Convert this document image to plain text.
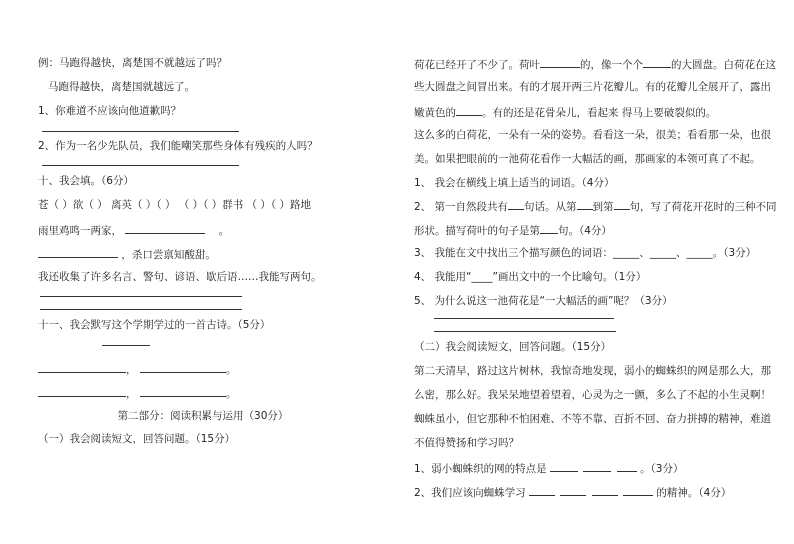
例：马跑得越快，离楚国不就越远了吗？
马跑得越快，离楚国就越远了。
1、你难道不应该向他道歉吗？
2、作为一名少先队员，我们能嘲笑那些身体有残疾的人吗？
十、我会填。（6分）
苍（ ）欲（ ） 离英（ ）（ ） （ ）（ ）群书 （ ）（ ）路地
雨里鸡鸣一两家，	。
，杀口尝禀知酸甜。
我还收集了许多名言、警句、谚语、歇后语……我能写两句。
十一、我会默写这个学期学过的一首古诗。（5分）
，	。
，	。
第二部分：阅读积累与运用（30分）
（一）我会阅读短文，回答问题。（15分）
荷花已经开了不少了。荷叶	的，像一个个	的大圆盘。白荷花在这
些大圆盘之间冒出来。有的才展开两三片花瓣儿。有的花瓣儿全展开了，露出
嫩黄色的 。有的还是花骨朵儿，看起来 得马上要破裂似的。
这么多的白荷花，一朵有一朵的姿势。看看这一朵，很美；看看那一朵，也很
美。如果把眼前的一池荷花看作一大幅活的画，那画家的本领可真了不起。
1、 我会在横线上填上适当的词语。（4分）
2、 第一自然段共有 句话。从第 到第 句，写了荷花开花时的三种不同
形状。描写荷叶的句子是第 句。（4分）
3、 我能在文中找出三个描写颜色的词语：_____、_____、_____。（3分）
4、 我能用“____”画出文中的一个比喻句。（1分）
5、 为什么说这一池荷花是“一大幅活的画”呢？（3分）
（二）我会阅读短文，回答问题。（15分）
第二天清早，路过这片树林，我惊奇地发现，弱小的蜘蛛织的网是那么大，那
么密，那么好。我呆呆地望着望着，心灵为之一颤，多么了不起的小生灵啊！
蜘蛛虽小，但它那种不怕困难、不等不靠、百折不回、奋力拼搏的精神，难道
不值得赞扬和学习吗？
1、弱小蜘蛛织的网的特点是	。（3分）
2、我们应该向蜘蛛学习	的精神。（4分）
